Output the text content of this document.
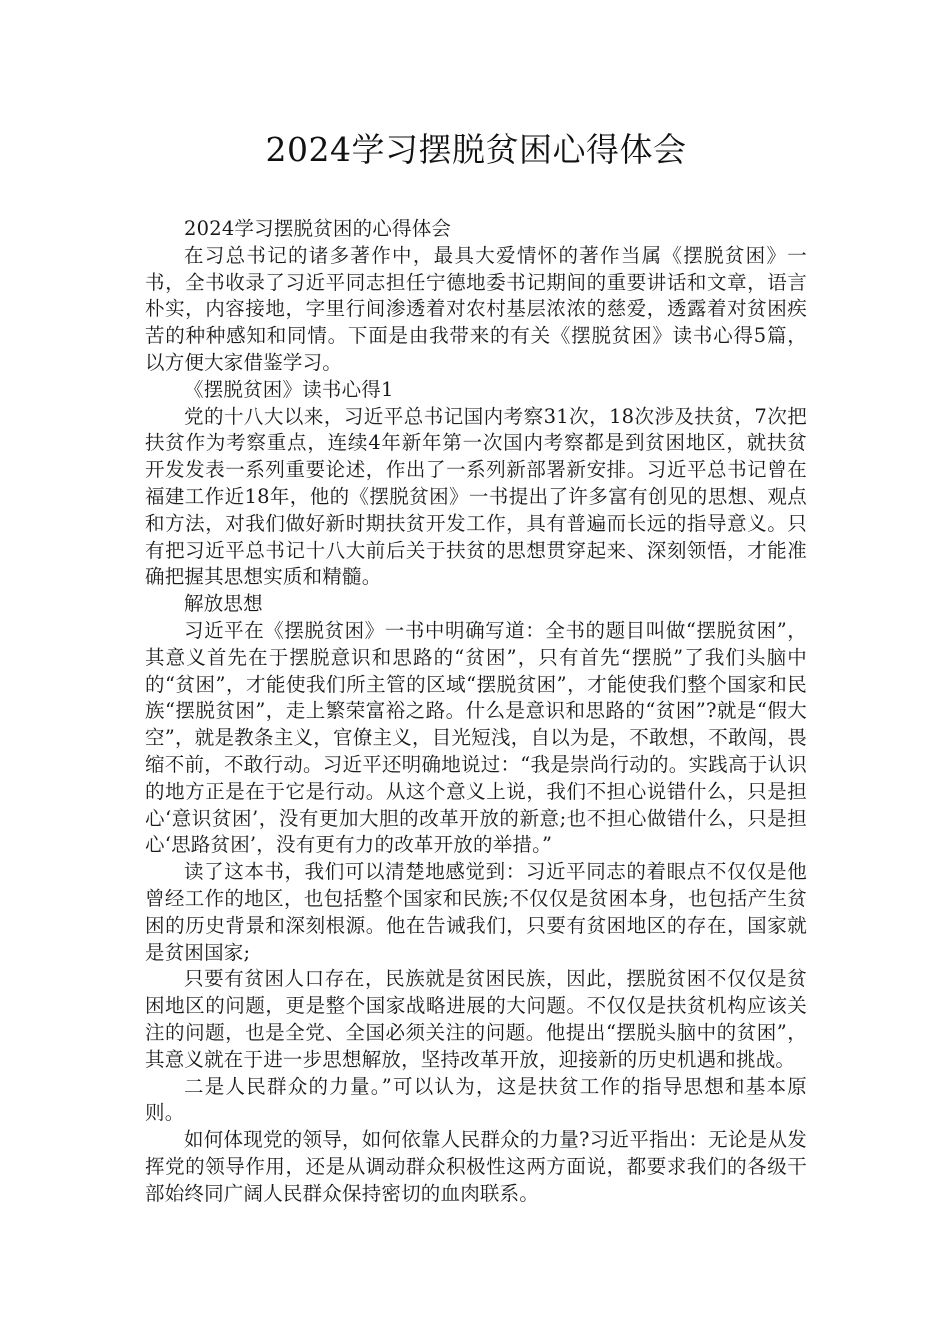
2024学习摆脱贫困心得体会

2024学习摆脱贫困的心得体会

在习总书记的诸多著作中，最具大爱情怀的著作当属《摆脱贫困》一书，全书收录了习近平同志担任宁德地委书记期间的重要讲话和文章，语言朴实，内容接地，字里行间渗透着对农村基层浓浓的慈爱，透露着对贫困疾苦的种种感知和同情。下面是由我带来的有关《摆脱贫困》读书心得5篇，以方便大家借鉴学习。

《摆脱贫困》读书心得1

党的十八大以来，习近平总书记国内考察31次，18次涉及扶贫，7次把扶贫作为考察重点，连续4年新年第一次国内考察都是到贫困地区，就扶贫开发发表一系列重要论述，作出了一系列新部署新安排。习近平总书记曾在福建工作近18年，他的《摆脱贫困》一书提出了许多富有创见的思想、观点和方法，对我们做好新时期扶贫开发工作，具有普遍而长远的指导意义。只有把习近平总书记十八大前后关于扶贫的思想贯穿起来、深刻领悟，才能准确把握其思想实质和精髓。

解放思想

习近平在《摆脱贫困》一书中明确写道：全书的题目叫做“摆脱贫困”，其意义首先在于摆脱意识和思路的“贫困”，只有首先“摆脱”了我们头脑中的“贫困”，才能使我们所主管的区域“摆脱贫困”，才能使我们整个国家和民族“摆脱贫困”，走上繁荣富裕之路。什么是意识和思路的“贫困”?就是“假大空”，就是教条主义，官僚主义，目光短浅，自以为是，不敢想，不敢闯，畏缩不前，不敢行动。习近平还明确地说过：“我是崇尚行动的。实践高于认识的地方正是在于它是行动。从这个意义上说，我们不担心说错什么，只是担心‘意识贫困’，没有更加大胆的改革开放的新意;也不担心做错什么，只是担心‘思路贫困’，没有更有力的改革开放的举措。”

读了这本书，我们可以清楚地感觉到：习近平同志的着眼点不仅仅是他曾经工作的地区，也包括整个国家和民族;不仅仅是贫困本身，也包括产生贫困的历史背景和深刻根源。他在告诫我们，只要有贫困地区的存在，国家就是贫困国家;

只要有贫困人口存在，民族就是贫困民族，因此，摆脱贫困不仅仅是贫困地区的问题，更是整个国家战略进展的大问题。不仅仅是扶贫机构应该关注的问题，也是全党、全国必须关注的问题。他提出“摆脱头脑中的贫困”，其意义就在于进一步思想解放，坚持改革开放，迎接新的历史机遇和挑战。

二是人民群众的力量。”可以认为，这是扶贫工作的指导思想和基本原则。

如何体现党的领导，如何依靠人民群众的力量?习近平指出：无论是从发挥党的领导作用，还是从调动群众积极性这两方面说，都要求我们的各级干部始终同广阔人民群众保持密切的血肉联系。
